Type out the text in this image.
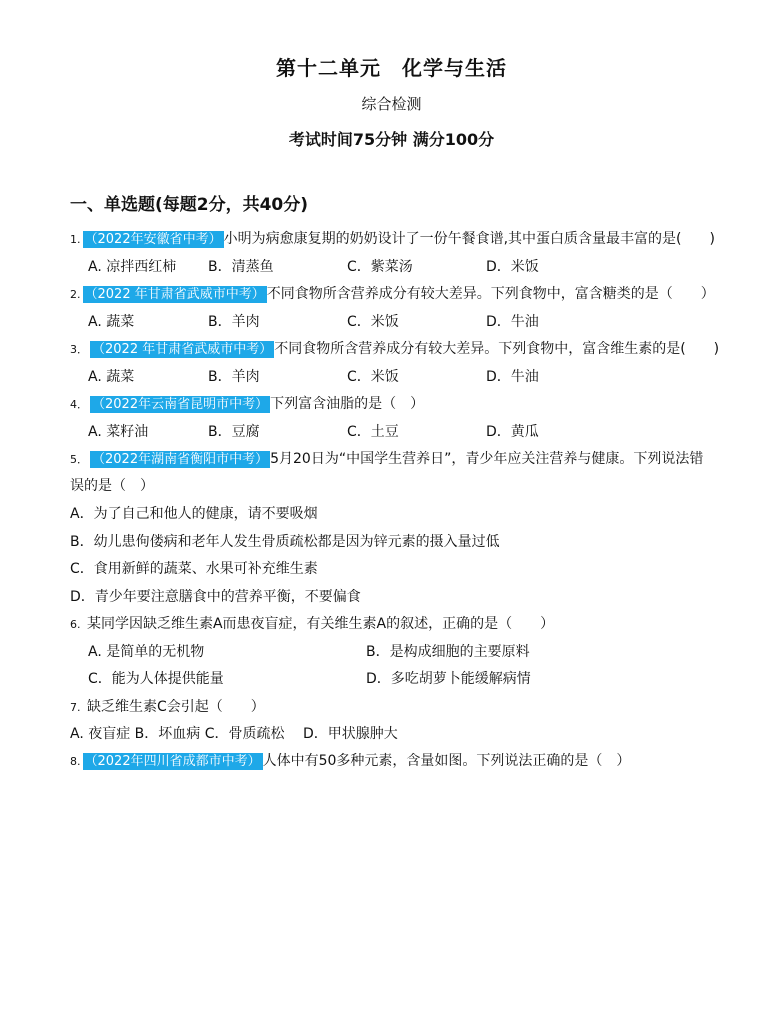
第十二单元　化学与生活
综合检测
考试时间75分钟 满分100分
一、单选题(每题2分，共40分)
1. （2022年安徽省中考） 小明为病愈康复期的奶奶设计了一份午餐食谱,其中蛋白质含量最丰富的是(　　)
A. 凉拌西红柿 B．清蒸鱼	C．紫菜汤	D．米饭
2. （2022 年甘肃省武威市中考） 不同食物所含营养成分有较大差异。下列食物中，富含糖类的是（　　）
A. 蔬菜	B．羊肉	C．米饭	D．牛油
3． （2022 年甘肃省武威市中考） 不同食物所含营养成分有较大差异。下列食物中，富含维生素的是(　　)
A. 蔬菜	B．羊肉	C．米饭	D．牛油
4． （2022年云南省昆明市中考） 下列富含油脂的是（　）
A. 菜籽油	B．豆腐	C．土豆	D．黄瓜
5． （2022年湖南省衡阳市中考） 5月20日为“中国学生营养日”，青少年应关注营养与健康。下列说法错
误的是（　）
A．为了自己和他人的健康，请不要吸烟
B．幼儿患佝偻病和老年人发生骨质疏松都是因为锌元素的摄入量过低
C．食用新鲜的蔬菜、水果可补充维生素
D．青少年要注意膳食中的营养平衡，不要偏食
6. 某同学因缺乏维生素A而患夜盲症，有关维生素A的叙述，正确的是（　　）
A. 是简单的无机物	B．是构成细胞的主要原料
C．能为人体提供能量	D．多吃胡萝卜能缓解病情
7. 缺乏维生素C会引起（　　）
A. 夜盲症 B．坏血病 C．骨质疏松　 D．甲状腺肿大
8. （2022年四川省成都市中考） 人体中有50多种元素，含量如图。下列说法正确的是（　）
